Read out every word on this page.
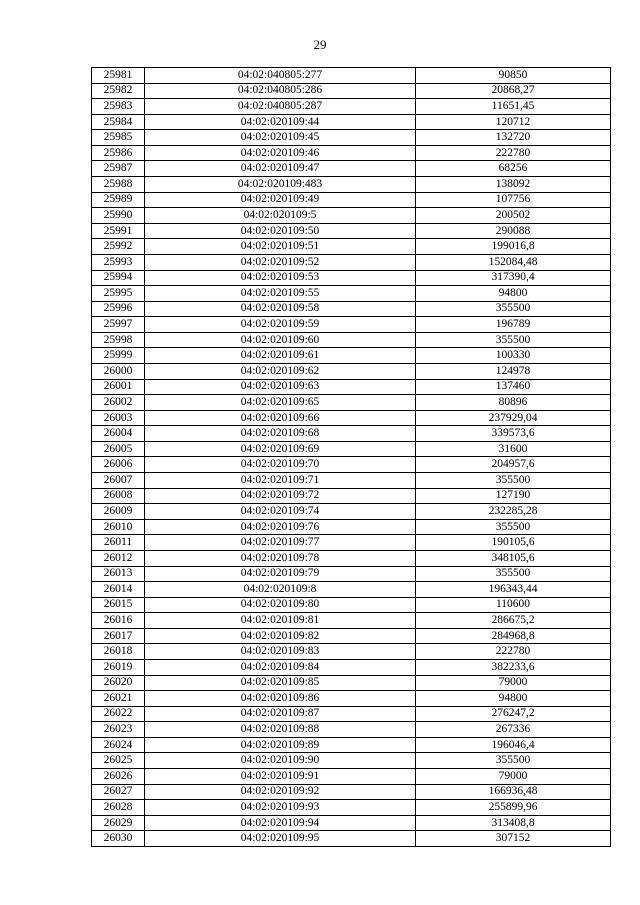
29
25981	04:02:040805:277	90850
25982	04:02:040805:286	20868,27
25983	04:02:040805:287	11651,45
25984	04:02:020109:44	120712
25985	04:02:020109:45	132720
25986	04:02:020109:46	222780
25987	04:02:020109:47	68256
25988	04:02:020109:483	138092
25989	04:02:020109:49	107756
25990	04:02:020109:5	200502
25991	04:02:020109:50	290088
25992	04:02:020109:51	199016,8
25993	04:02:020109:52	152084,48
25994	04:02:020109:53	317390,4
25995	04:02:020109:55	94800
25996	04:02:020109:58	355500
25997	04:02:020109:59	196789
25998	04:02:020109:60	355500
25999	04:02:020109:61	100330
26000	04:02:020109:62	124978
26001	04:02:020109:63	137460
26002	04:02:020109:65	80896
26003	04:02:020109:66	237929,04
26004	04:02:020109:68	339573,6
26005	04:02:020109:69	31600
26006	04:02:020109:70	204957,6
26007	04:02:020109:71	355500
26008	04:02:020109:72	127190
26009	04:02:020109:74	232285,28
26010	04:02:020109:76	355500
26011	04:02:020109:77	190105,6
26012	04:02:020109:78	348105,6
26013	04:02:020109:79	355500
26014	04:02:020109:8	196343,44
26015	04:02:020109:80	110600
26016	04:02:020109:81	286675,2
26017	04:02:020109:82	284968,8
26018	04:02:020109:83	222780
26019	04:02:020109:84	382233,6
26020	04:02:020109:85	79000
26021	04:02:020109:86	94800
26022	04:02:020109:87	276247,2
26023	04:02:020109:88	267336
26024	04:02:020109:89	196046,4
26025	04:02:020109:90	355500
26026	04:02:020109:91	79000
26027	04:02:020109:92	166936,48
26028	04:02:020109:93	255899,96
26029	04:02:020109:94	313408,8
26030	04:02:020109:95	307152
